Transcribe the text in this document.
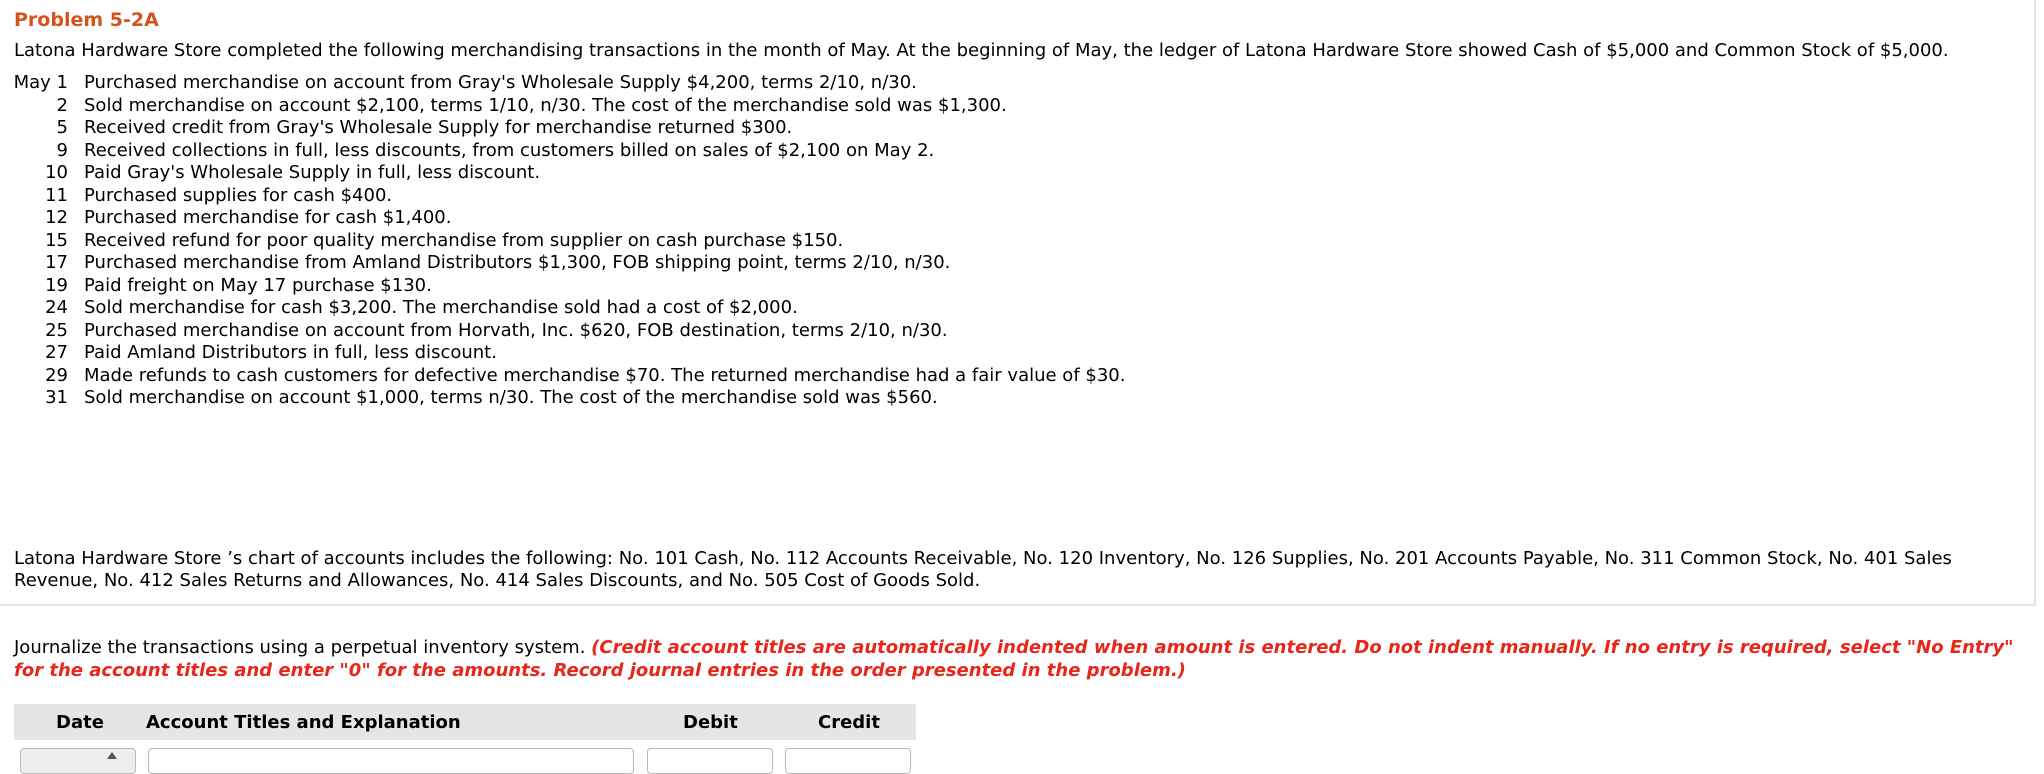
Problem 5-2A
Latona Hardware Store completed the following merchandising transactions in the month of May. At the beginning of May, the ledger of Latona Hardware Store showed Cash of $5,000 and Common Stock of $5,000.
May 1 Purchased merchandise on account from Gray's Wholesale Supply $4,200, terms 2/10, n/30.
2 Sold merchandise on account $2,100, terms 1/10, n/30. The cost of the merchandise sold was $1,300.
5 Received credit from Gray's Wholesale Supply for merchandise returned $300.
9 Received collections in full, less discounts, from customers billed on sales of $2,100 on May 2.
10 Paid Gray's Wholesale Supply in full, less discount.
11 Purchased supplies for cash $400.
12 Purchased merchandise for cash $1,400.
15 Received refund for poor quality merchandise from supplier on cash purchase $150.
17 Purchased merchandise from Amland Distributors $1,300, FOB shipping point, terms 2/10, n/30.
19 Paid freight on May 17 purchase $130.
24 Sold merchandise for cash $3,200. The merchandise sold had a cost of $2,000.
25 Purchased merchandise on account from Horvath, Inc. $620, FOB destination, terms 2/10, n/30.
27 Paid Amland Distributors in full, less discount.
29 Made refunds to cash customers for defective merchandise $70. The returned merchandise had a fair value of $30.
31 Sold merchandise on account $1,000, terms n/30. The cost of the merchandise sold was $560.
Latona Hardware Store ’s chart of accounts includes the following: No. 101 Cash, No. 112 Accounts Receivable, No. 120 Inventory, No. 126 Supplies, No. 201 Accounts Payable, No. 311 Common Stock, No. 401 Sales Revenue, No. 412 Sales Returns and Allowances, No. 414 Sales Discounts, and No. 505 Cost of Goods Sold.
Journalize the transactions using a perpetual inventory system. (Credit account titles are automatically indented when amount is entered. Do not indent manually. If no entry is required, select "No Entry" for the account titles and enter "0" for the amounts. Record journal entries in the order presented in the problem.)
Date Account Titles and Explanation	Debit	Credit
